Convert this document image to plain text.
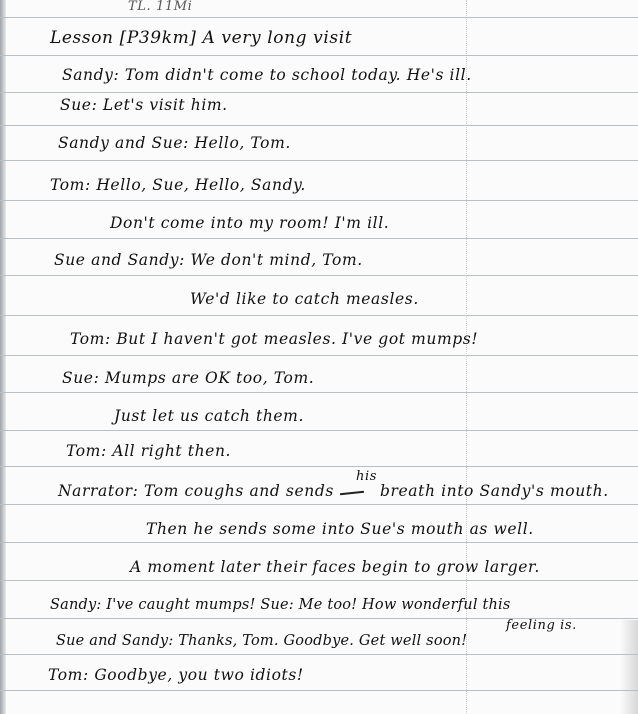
TL. 11Mi
Lesson [P39km] A very long visit
Sandy: Tom didn't come to school today. He's ill.
Sue: Let's visit him.
Sandy and Sue: Hello, Tom.
Tom: Hello, Sue, Hello, Sandy.
Don't come into my room! I'm ill.
Sue and Sandy: We don't mind, Tom.
We'd like to catch measles.
Tom: But I haven't got measles. I've got mumps!
Sue: Mumps are OK too, Tom.
Just let us catch them.
Tom: All right then.
Narrator: Tom coughs and sends
his
breath into Sandy's mouth.
Then he sends some into Sue's mouth as well.
A moment later their faces begin to grow larger.
Sandy: I've caught mumps! Sue: Me too! How wonderful this
feeling is.
Sue and Sandy: Thanks, Tom. Goodbye. Get well soon!
Tom: Goodbye, you two idiots!
